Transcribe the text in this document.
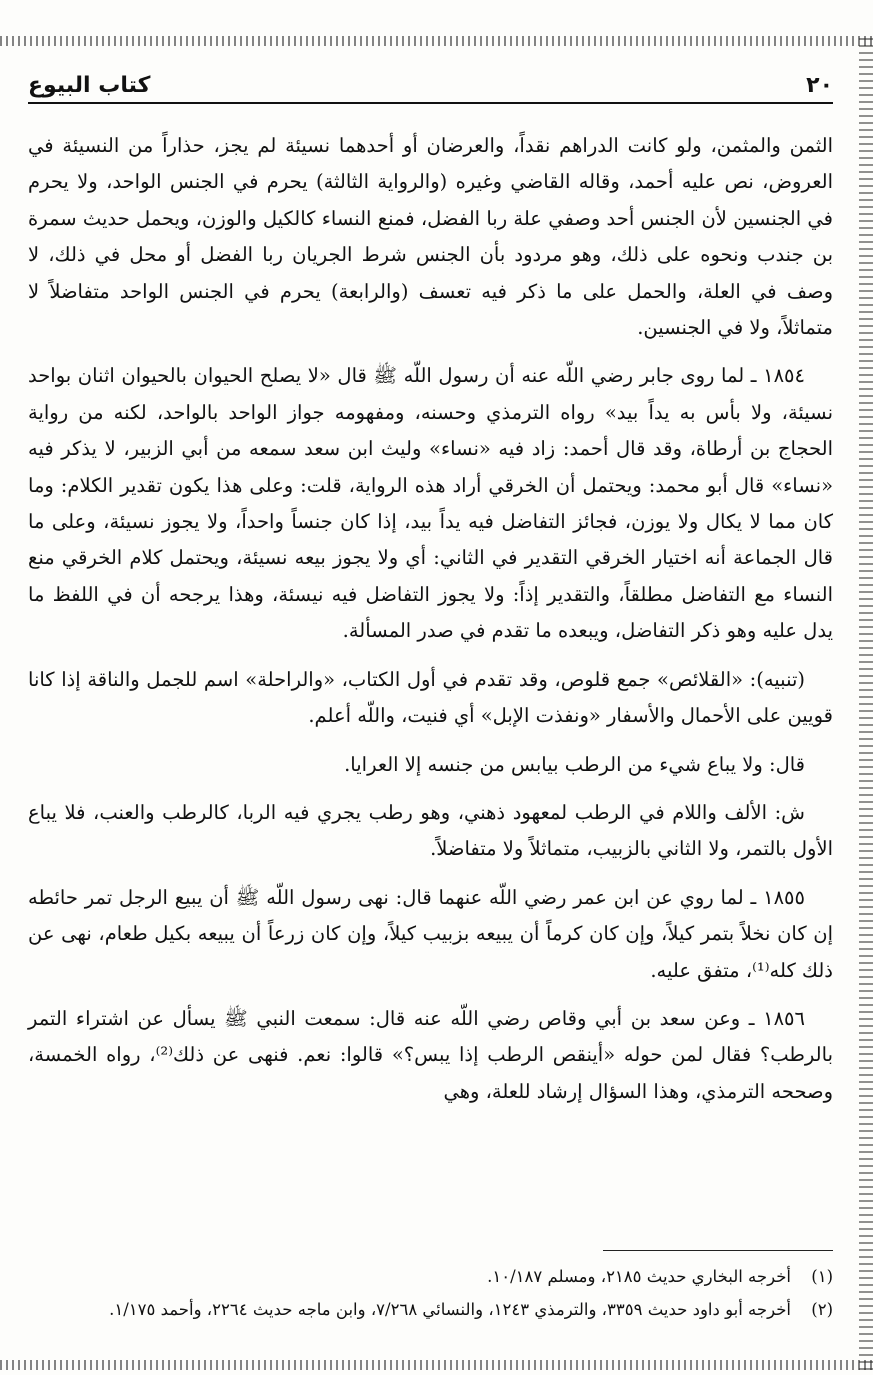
كتاب البيوع	٢٠

الثمن والمثمن، ولو كانت الدراهم نقداً، والعرضان أو أحدهما نسيئة لم يجز، حذاراً من النسيئة في العروض، نص عليه أحمد، وقاله القاضي وغيره (والرواية الثالثة) يحرم في الجنس الواحد، ولا يحرم في الجنسين لأن الجنس أحد وصفي علة ربا الفضل، فمنع النساء كالكيل والوزن، ويحمل حديث سمرة بن جندب ونحوه على ذلك، وهو مردود بأن الجنس شرط الجريان ربا الفضل أو محل في ذلك، لا وصف في العلة، والحمل على ما ذكر فيه تعسف (والرابعة) يحرم في الجنس الواحد متفاضلاً لا متماثلاً، ولا في الجنسين.

١٨٥٤ ـ لما روى جابر رضي اللّه عنه أن رسول اللّه ﷺ قال «لا يصلح الحيوان بالحيوان اثنان بواحد نسيئة، ولا بأس به يداً بيد» رواه الترمذي وحسنه، ومفهومه جواز الواحد بالواحد، لكنه من رواية الحجاج بن أرطاة، وقد قال أحمد: زاد فيه «نساء» وليث ابن سعد سمعه من أبي الزبير، لا يذكر فيه «نساء» قال أبو محمد: ويحتمل أن الخرقي أراد هذه الرواية، قلت: وعلى هذا يكون تقدير الكلام: وما كان مما لا يكال ولا يوزن، فجائز التفاضل فيه يداً بيد، إذا كان جنساً واحداً، ولا يجوز نسيئة، وعلى ما قال الجماعة أنه اختيار الخرقي التقدير في الثاني: أي ولا يجوز بيعه نسيئة، ويحتمل كلام الخرقي منع النساء مع التفاضل مطلقاً، والتقدير إذاً: ولا يجوز التفاضل فيه نيسئة، وهذا يرجحه أن في اللفظ ما يدل عليه وهو ذكر التفاضل، ويبعده ما تقدم في صدر المسألة.

(تنبيه): «القلائص» جمع قلوص، وقد تقدم في أول الكتاب، «والراحلة» اسم للجمل والناقة إذا كانا قويين على الأحمال والأسفار «ونفذت الإبل» أي فنيت، واللّه أعلم.

قال: ولا يباع شيء من الرطب بيابس من جنسه إلا العرايا.

ش: الألف واللام في الرطب لمعهود ذهني، وهو رطب يجري فيه الربا، كالرطب والعنب، فلا يباع الأول بالتمر، ولا الثاني بالزبيب، متماثلاً ولا متفاضلاً.

١٨٥٥ ـ لما روي عن ابن عمر رضي اللّه عنهما قال: نهى رسول اللّه ﷺ أن يبيع الرجل تمر حائطه إن كان نخلاً بتمر كيلاً، وإن كان كرماً أن يبيعه بزبيب كيلاً، وإن كان زرعاً أن يبيعه بكيل طعام، نهى عن ذلك كله⁽¹⁾، متفق عليه.

١٨٥٦ ـ وعن سعد بن أبي وقاص رضي اللّه عنه قال: سمعت النبي ﷺ يسأل عن اشتراء التمر بالرطب؟ فقال لمن حوله «أينقص الرطب إذا يبس؟» قالوا: نعم. فنهى عن ذلك⁽²⁾، رواه الخمسة، وصححه الترمذي، وهذا السؤال إرشاد للعلة، وهي

(١)
أخرجه البخاري حديث ٢١٨٥، ومسلم ١٠/١٨٧.
(٢)
أخرجه أبو داود حديث ٣٣٥٩، والترمذي ١٢٤٣، والنسائي ٧/٢٦٨، وابن ماجه حديث ٢٢٦٤، وأحمد ١/١٧٥.
